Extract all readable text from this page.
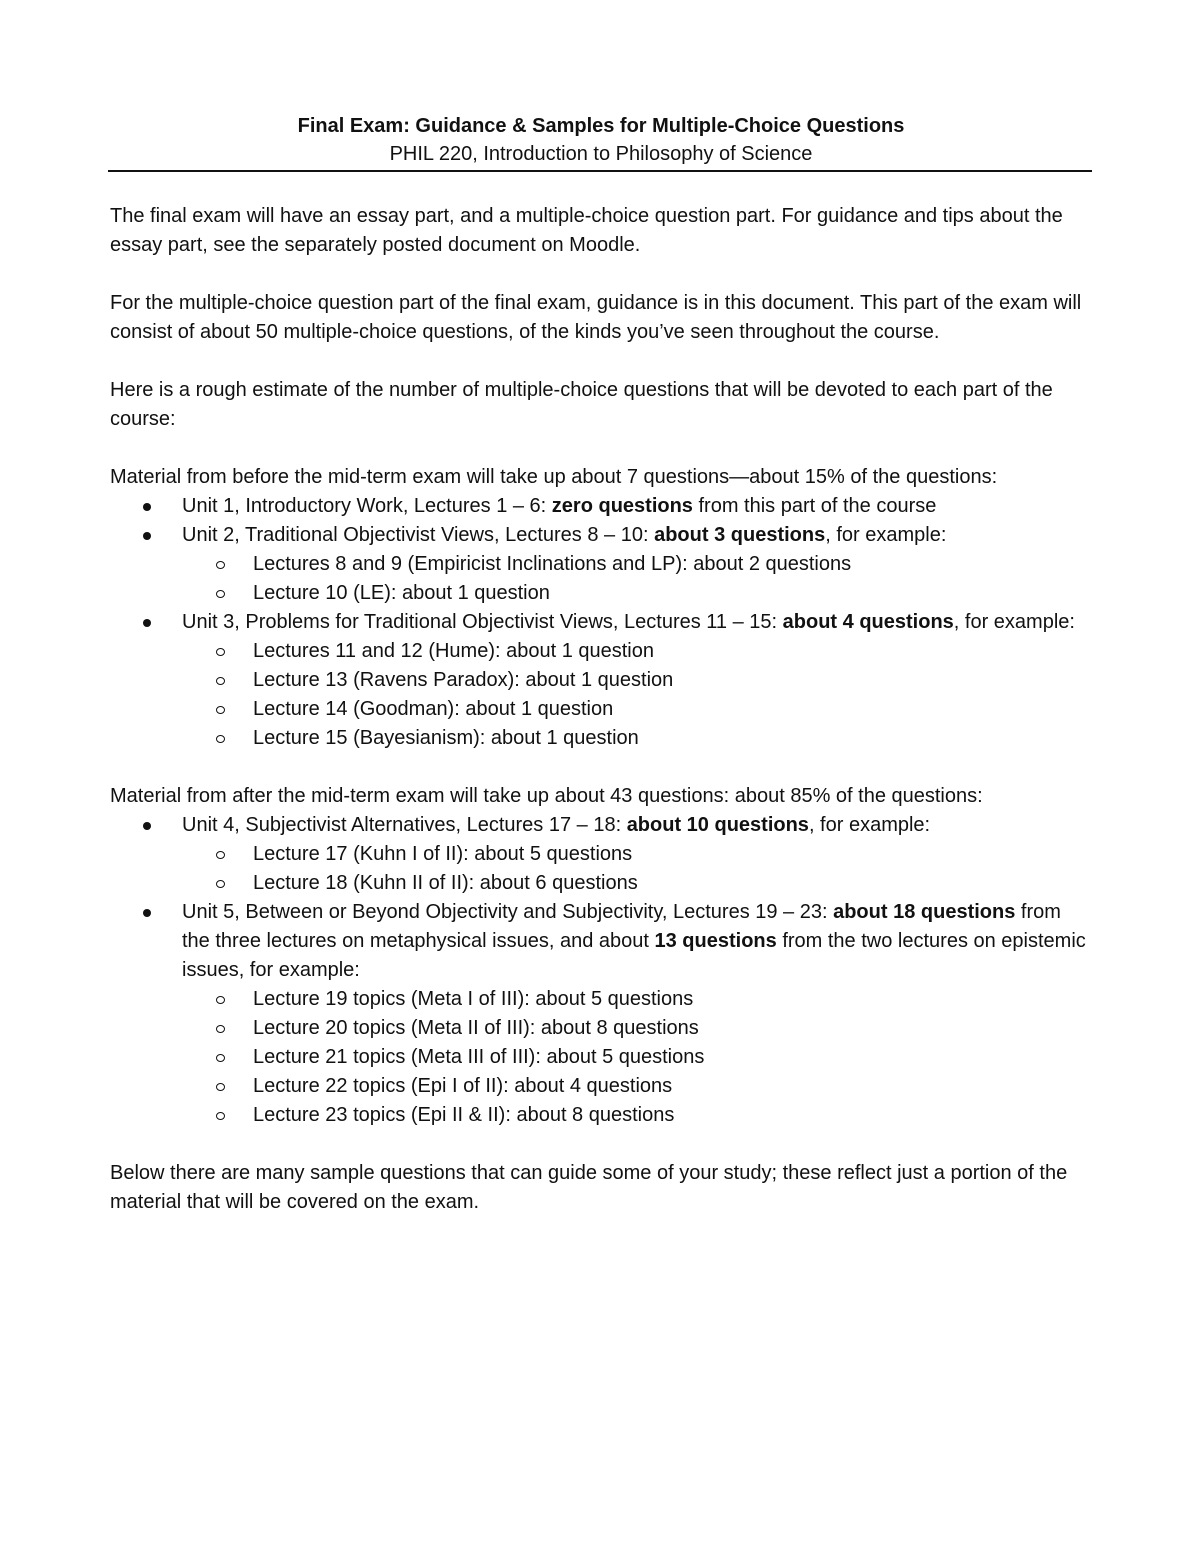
Final Exam: Guidance & Samples for Multiple-Choice Questions
PHIL 220, Introduction to Philosophy of Science

The final exam will have an essay part, and a multiple-choice question part. For guidance and tips about the essay part, see the separately posted document on Moodle.

For the multiple-choice question part of the final exam, guidance is in this document. This part of the exam will consist of about 50 multiple-choice questions, of the kinds you’ve seen throughout the course.

Here is a rough estimate of the number of multiple-choice questions that will be devoted to each part of the course:

Material from before the mid-term exam will take up about 7 questions—about 15% of the questions:

Unit 1, Introductory Work, Lectures 1 – 6: zero questions from this part of the course
Unit 2, Traditional Objectivist Views, Lectures 8 – 10: about 3 questions, for example:
Lectures 8 and 9 (Empiricist Inclinations and LP): about 2 questions
Lecture 10 (LE): about 1 question
Unit 3, Problems for Traditional Objectivist Views, Lectures 11 – 15: about 4 questions, for example:
Lectures 11 and 12 (Hume): about 1 question
Lecture 13 (Ravens Paradox): about 1 question
Lecture 14 (Goodman): about 1 question
Lecture 15 (Bayesianism): about 1 question

Material from after the mid-term exam will take up about 43 questions: about 85% of the questions:

Unit 4, Subjectivist Alternatives, Lectures 17 – 18: about 10 questions, for example:
Lecture 17 (Kuhn I of II): about 5 questions
Lecture 18 (Kuhn II of II): about 6 questions
Unit 5, Between or Beyond Objectivity and Subjectivity, Lectures 19 – 23: about 18 questions from the three lectures on metaphysical issues, and about 13 questions from the two lectures on epistemic issues, for example:
Lecture 19 topics (Meta I of III): about 5 questions
Lecture 20 topics (Meta II of III): about 8 questions
Lecture 21 topics (Meta III of III): about 5 questions
Lecture 22 topics (Epi I of II): about 4 questions
Lecture 23 topics (Epi II & II): about 8 questions

Below there are many sample questions that can guide some of your study; these reflect just a portion of the material that will be covered on the exam.
